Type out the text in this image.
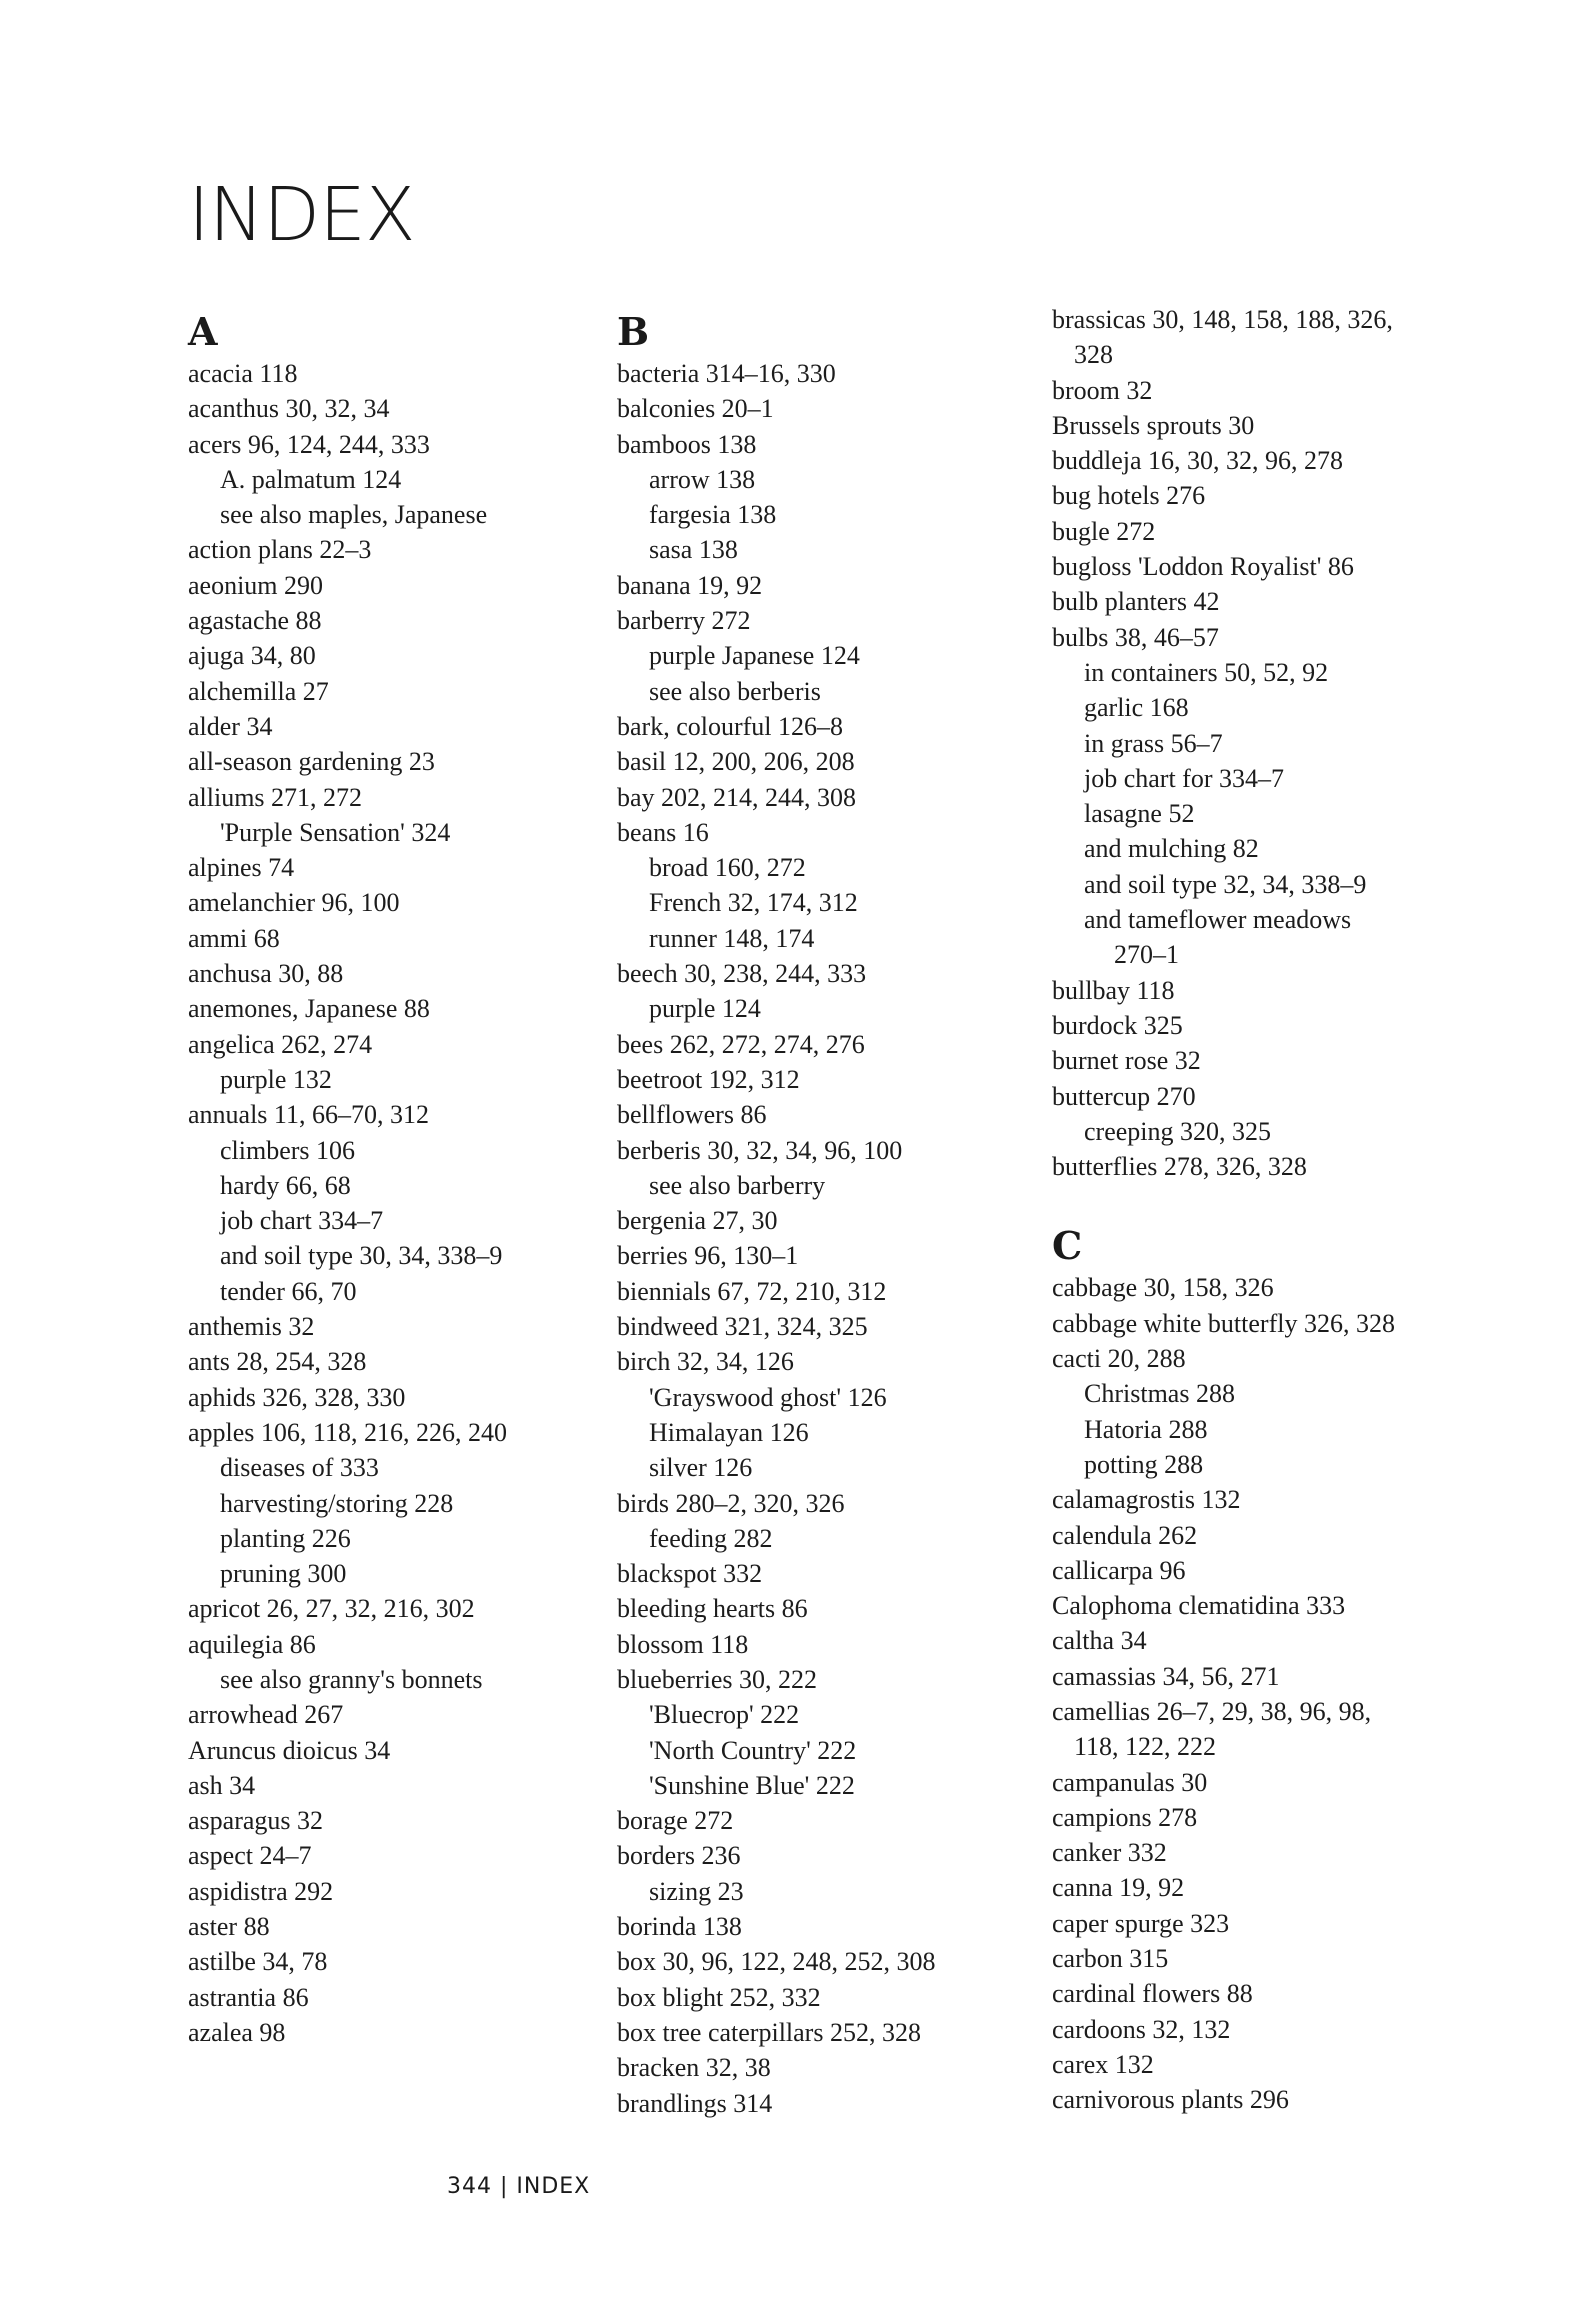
INDEX
A
acacia 118
acanthus 30, 32, 34
acers 96, 124, 244, 333
A. palmatum 124
see also maples, Japanese
action plans 22–3
aeonium 290
agastache 88
ajuga 34, 80
alchemilla 27
alder 34
all-season gardening 23
alliums 271, 272
'Purple Sensation' 324
alpines 74
amelanchier 96, 100
ammi 68
anchusa 30, 88
anemones, Japanese 88
angelica 262, 274
purple 132
annuals 11, 66–70, 312
climbers 106
hardy 66, 68
job chart 334–7
and soil type 30, 34, 338–9
tender 66, 70
anthemis 32
ants 28, 254, 328
aphids 326, 328, 330
apples 106, 118, 216, 226, 240
diseases of 333
harvesting/storing 228
planting 226
pruning 300
apricot 26, 27, 32, 216, 302
aquilegia 86
see also granny's bonnets
arrowhead 267
Aruncus dioicus 34
ash 34
asparagus 32
aspect 24–7
aspidistra 292
aster 88
astilbe 34, 78
astrantia 86
azalea 98
B
bacteria 314–16, 330
balconies 20–1
bamboos 138
arrow 138
fargesia 138
sasa 138
banana 19, 92
barberry 272
purple Japanese 124
see also berberis
bark, colourful 126–8
basil 12, 200, 206, 208
bay 202, 214, 244, 308
beans 16
broad 160, 272
French 32, 174, 312
runner 148, 174
beech 30, 238, 244, 333
purple 124
bees 262, 272, 274, 276
beetroot 192, 312
bellflowers 86
berberis 30, 32, 34, 96, 100
see also barberry
bergenia 27, 30
berries 96, 130–1
biennials 67, 72, 210, 312
bindweed 321, 324, 325
birch 32, 34, 126
'Grayswood ghost' 126
Himalayan 126
silver 126
birds 280–2, 320, 326
feeding 282
blackspot 332
bleeding hearts 86
blossom 118
blueberries 30, 222
'Bluecrop' 222
'North Country' 222
'Sunshine Blue' 222
borage 272
borders 236
sizing 23
borinda 138
box 30, 96, 122, 248, 252, 308
box blight 252, 332
box tree caterpillars 252, 328
bracken 32, 38
brandlings 314
brassicas 30, 148, 158, 188, 326,
328
broom 32
Brussels sprouts 30
buddleja 16, 30, 32, 96, 278
bug hotels 276
bugle 272
bugloss 'Loddon Royalist' 86
bulb planters 42
bulbs 38, 46–57
in containers 50, 52, 92
garlic 168
in grass 56–7
job chart for 334–7
lasagne 52
and mulching 82
and soil type 32, 34, 338–9
and tameflower meadows
270–1
bullbay 118
burdock 325
burnet rose 32
buttercup 270
creeping 320, 325
butterflies 278, 326, 328
C
cabbage 30, 158, 326
cabbage white butterfly 326, 328
cacti 20, 288
Christmas 288
Hatoria 288
potting 288
calamagrostis 132
calendula 262
callicarpa 96
Calophoma clematidina 333
caltha 34
camassias 34, 56, 271
camellias 26–7, 29, 38, 96, 98,
118, 122, 222
campanulas 30
campions 278
canker 332
canna 19, 92
caper spurge 323
carbon 315
cardinal flowers 88
cardoons 32, 132
carex 132
carnivorous plants 296
344 | INDEX
